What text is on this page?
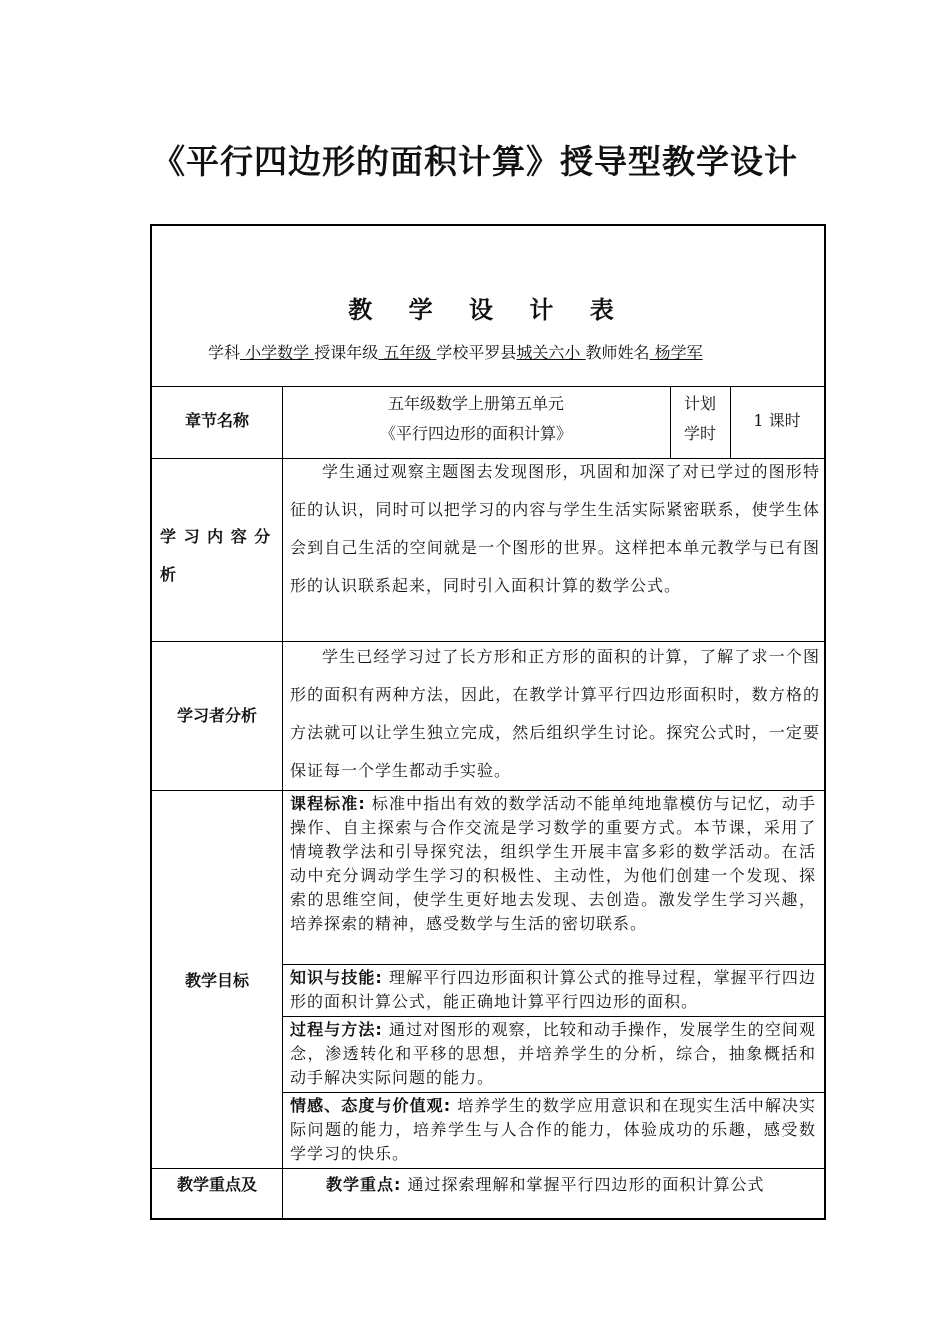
《平行四边形的面积计算》授导型教学设计
教 学 设 计 表
学科 小学数学 授课年级 五年级 学校平罗县城关六小 教师姓名 杨学军
章节名称
五年级数学上册第五单元
《平行四边形的面积计算》
计划
学时
1 课时
学 习 内 容 分
析
学生通过观察主题图去发现图形，巩固和加深了对已学过的图形特征的认识，同时可以把学习的内容与学生生活实际紧密联系，使学生体会到自己生活的空间就是一个图形的世界。这样把本单元教学与已有图形的认识联系起来，同时引入面积计算的数学公式。
学习者分析
学生已经学习过了长方形和正方形的面积的计算，了解了求一个图形的面积有两种方法，因此，在教学计算平行四边形面积时，数方格的方法就可以让学生独立完成，然后组织学生讨论。探究公式时，一定要保证每一个学生都动手实验。
教学目标

课程标准: 标准中指出有效的数学活动不能单纯地靠模仿与记忆，动手操作、自主探索与合作交流是学习数学的重要方式。本节课，采用了情境教学法和引导探究法，组织学生开展丰富多彩的数学活动。在活动中充分调动学生学习的积极性、主动性，为他们创建一个发现、探索的思维空间，使学生更好地去发现、去创造。激发学生学习兴趣，培养探索的精神，感受数学与生活的密切联系。

知识与技能: 理解平行四边形面积计算公式的推导过程，掌握平行四边形的面积计算公式，能正确地计算平行四边形的面积。

过程与方法: 通过对图形的观察，比较和动手操作，发展学生的空间观念，渗透转化和平移的思想，并培养学生的分析，综合，抽象概括和动手解决实际问题的能力。

情感、态度与价值观: 培养学生的数学应用意识和在现实生活中解决实际问题的能力，培养学生与人合作的能力，体验成功的乐趣，感受数学学习的快乐。

教学重点及	教学重点: 通过探索理解和掌握平行四边形的面积计算公式
